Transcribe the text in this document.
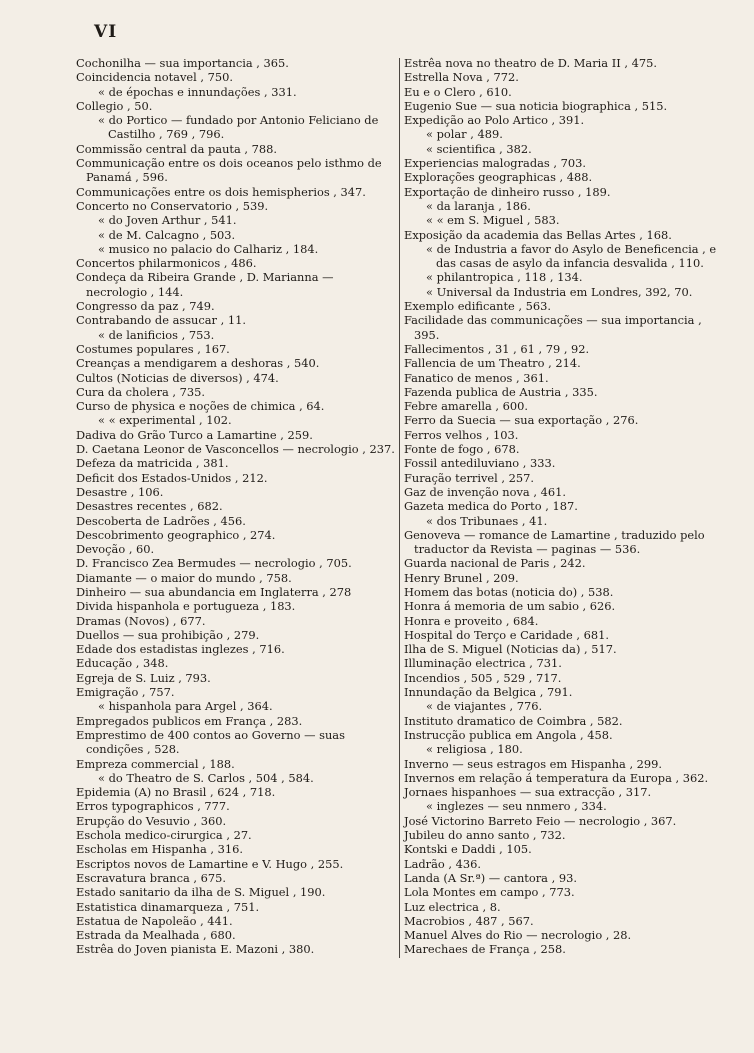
VI

Cochonilha — sua importancia , 365.

Coincidencia notavel , 750.

« de épochas e innundações , 331.

Collegio , 50.

« do Portico — fundado por Antonio Feliciano de Castilho , 769 , 796.

Commissão central da pauta , 788.

Communicação entre os dois oceanos pelo isthmo de Panamá , 596.

Communicações entre os dois hemispherios , 347.

Concerto no Conservatorio , 539.

« do Joven Arthur , 541.

« de M. Calcagno , 503.

« musico no palacio do Calhariz , 184.

Concertos philarmonicos , 486.

Condeça da Ribeira Grande , D. Marianna — necrologio , 144.

Congresso da paz , 749.

Contrabando de assucar , 11.

« de lanificios , 753.

Costumes populares , 167.

Creanças a mendigarem a deshoras , 540.

Cultos (Noticias de diversos) , 474.

Cura da cholera , 735.

Curso de physica e noções de chimica , 64.

« « experimental , 102.

Dadiva do Grão Turco a Lamartine , 259.

D. Caetana Leonor de Vasconcellos — necrologio , 237.

Defeza da matricida , 381.

Deficit dos Estados-Unidos , 212.

Desastre , 106.

Desastres recentes , 682.

Descoberta de Ladrões , 456.

Descobrimento geographico , 274.

Devoção , 60.

D. Francisco Zea Bermudes — necrologio , 705.

Diamante — o maior do mundo , 758.

Dinheiro — sua abundancia em Inglaterra , 278

Divida hispanhola e portugueza , 183.

Dramas (Novos) , 677.

Duellos — sua prohibição , 279.

Edade dos estadistas inglezes , 716.

Educação , 348.

Egreja de S. Luiz , 793.

Emigração , 757.

« hispanhola para Argel , 364.

Empregados publicos em França , 283.

Emprestimo de 400 contos ao Governo — suas condições , 528.

Empreza commercial , 188.

« do Theatro de S. Carlos , 504 , 584.

Epidemia (A) no Brasil , 624 , 718.

Erros typographicos , 777.

Erupção do Vesuvio , 360.

Eschola medico-cirurgica , 27.

Escholas em Hispanha , 316.

Escriptos novos de Lamartine e V. Hugo , 255.

Escravatura branca , 675.

Estado sanitario da ilha de S. Miguel , 190.

Estatistica dinamarqueza , 751.

Estatua de Napoleão , 441.

Estrada da Mealhada , 680.

Estrêa do Joven pianista E. Mazoni , 380.

Estrêa nova no theatro de D. Maria II , 475.

Estrella Nova , 772.

Eu e o Clero , 610.

Eugenio Sue — sua noticia biographica , 515.

Expedição ao Polo Artico , 391.

« polar , 489.

« scientifica , 382.

Experiencias malogradas , 703.

Explorações geographicas , 488.

Exportação de dinheiro russo , 189.

« da laranja , 186.

« « em S. Miguel , 583.

Exposição da academia das Bellas Artes , 168.

« de Industria a favor do Asylo de Beneficencia , e das casas de asylo da infancia desvalida , 110.

« philantropica , 118 , 134.

« Universal da Industria em Londres, 392, 70.

Exemplo edificante , 563.

Facilidade das communicações — sua importancia , 395.

Fallecimentos , 31 , 61 , 79 , 92.

Fallencia de um Theatro , 214.

Fanatico de menos , 361.

Fazenda publica de Austria , 335.

Febre amarella , 600.

Ferro da Suecia — sua exportação , 276.

Ferros velhos , 103.

Fonte de fogo , 678.

Fossil antediluviano , 333.

Furação terrivel , 257.

Gaz de invenção nova , 461.

Gazeta medica do Porto , 187.

« dos Tribunaes , 41.

Genoveva — romance de Lamartine , traduzido pelo traductor da Revista — paginas — 536.

Guarda nacional de Paris , 242.

Henry Brunel , 209.

Homem das botas (noticia do) , 538.

Honra á memoria de um sabio , 626.

Honra e proveito , 684.

Hospital do Terço e Caridade , 681.

Ilha de S. Miguel (Noticias da) , 517.

Illuminação electrica , 731.

Incendios , 505 , 529 , 717.

Innundação da Belgica , 791.

« de viajantes , 776.

Instituto dramatico de Coimbra , 582.

Instrucção publica em Angola , 458.

« religiosa , 180.

Inverno — seus estragos em Hispanha , 299.

Invernos em relação á temperatura da Europa , 362.

Jornaes hispanhoes — sua extracção , 317.

« inglezes — seu nnmero , 334.

José Victorino Barreto Feio — necrologio , 367.

Jubileu do anno santo , 732.

Kontski e Daddi , 105.

Ladrão , 436.

Landa (A Sr.ª) — cantora , 93.

Lola Montes em campo , 773.

Luz electrica , 8.

Macrobios , 487 , 567.

Manuel Alves do Rio — necrologio , 28.

Marechaes de França , 258.
